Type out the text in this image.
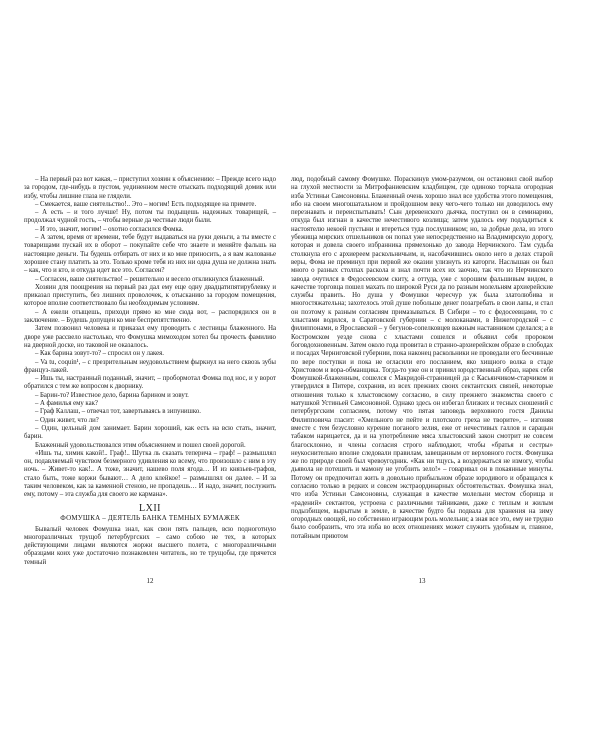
– На первый раз вот какая, – приступил хозяин к объяснению: – Прежде всего надо за городом, где-нибудь в пустом, уединенном месте отыскать подходящий домик или избу, чтобы лишние глаза не глядели.

– Смекается, ваше сиятельство!.. Это – могим! Есть подходящее на примете.

– А есть – и того лучше! Ну, потом ты подыщешь надежных товарищей, – продолжал чудной гость, – чтобы верные да честные люди были.

– И это, значит, могим! – охотно согласился Фомка.

– А затем, время от времени, тебе будут выдаваться на руки деньги, а ты вместе с товарищами пускай их в оборот – покупайте себе что знаете и меняйте фальшь на настоящие деньги. Ты будешь отбирать от них и ко мне приносить, а я вам жалованье хорошее стану платить за это. Только кроме тебя из них ни одна душа не должна знать – как, что и кто, и откуда идет все это. Согласен?

– Согласен, ваше сиятельство! – решительно и весело откликнулся блаженный.

Хозяин для поощрения на первый раз дал ему еще одну двадцатипятирублевку и приказал приступить, без лишних проволочек, к отысканию за городом помещения, которое вполне соответствовало бы необходимым условиям.

– А ежели отыщешь, приходи прямо ко мне сюда вот, – распорядился он в заключение. – Будешь допущен ко мне беспрепятственно.

Затем позвонил человека и приказал ему проводить с лестницы блаженного. На дворе уже рассвело настолько, что Фомушка мимоходом хотел бы прочесть фамилию на дверной доске, но таковой не оказалось.

– Как барина зовут-то? – спросил он у лакея.

– Va tu, coquin¹, – с презрительным неудовольствием фыркнул на него сквозь зубы француз-лакей.

– Ишь ты, настранный поданный, значит, – пробормотал Фомка под нос, и у ворот обратился с тем же вопросом к дворнику.

– Барин-то? Известное дело, барина барином и зовут.

– А фамилья ему как?

– Граф Каллаш, – отвечал тот, завертываясь в зипунишко.

– Один живет, что ли?

– Один, цельный дом занимает. Барин хороший, как есть на всю стать, значит, барин.

Блаженный удовольствовался этим объяснением и пошел своей дорогой.

«Ишь ты, химик какой!.. Граф!.. Шутка ль сказать теперича – граф! – размышлял он, подавляемый чувством безмерного удивления ко всему, что произошло с ним в эту ночь. – Живет-то как!.. А тоже, значит, нашево поля ягода… И из князьев-графов, стало быть, тоже коржи бывают… А дело клейкое! – размышлял он далее. – И за таким человеком, как за каменной стеною, не пропадешь… И надо, значит, послужить ему, потому – эта служба для своего же кармана».

LXII
ФОМУШКА – ДЕЯТЕЛЬ БАНКА ТЕМНЫХ БУМАЖЕК

Бывалый человек Фомушка знал, как свои пять пальцев, всю подноготную многоразличных трущоб петербургских – само собою не тех, в которых действующими лицами являются жоржи высшего полета, с многоразличными образцами коих уже достаточно познакомлен читатель, но те трущобы, где прячется темный

12

люд, подобный самому Фомушке. Пораскинув умом-разумом, он остановил свой выбор на глухой местности за Митрофаниевским кладбищем, где одиноко торчала огородная изба Устиньи Самсоновны. Блаженный очень хорошо знал все удобства этого помещения, ибо на своем многошатальном и пройдошном веку чего-чего только ни доводилось ему перезнавать и переиспытывать! Сын деревенского дьячка, поступил он в семинарию, откуда был изгнан в качестве нечестивого козлища; затем удалось ему подладиться к настоятелю некоей пустыни и втереться туда послушником; но, за добрые дела, из этого убежища мирских отшельников он попал уже непосредственно на Владимирскую дорогу, которая и довела своего избранника прямехонько до завода Нерчинского. Там судьба столкнула его с архиереем раскольничьим, и, насобачившись около него в делах старой веры, Фома не преминул при первой же оказии улизнуть из каторги. Наслышан он был много о разных столпах раскола и знал почти всех их заочно, так что из Нерчинского завода очутился в Федосеевском скиту, а оттуда, уже с хорошим фальшивым видом, в качестве торговца пошел махать по широкой Руси да по разным молельням архиерейские службы править. Но душа у Фомушки чересчур уж была златолюбива и многостяжательна; захотелось этой душе побольше денег позагребать в свои лапы, и стал он поэтому к разным согласиям примазываться. В Сибири – то с федосеевцами, то с хлыстами водился, в Саратовской губернии – с молоканами, в Нижегородской – с филиппонами, в Ярославской – у бегунов-сопелковцев важным наставником сделался; а в Костромском уезде снова с хлыстами сошелся и объявил себя пророком боговдохновенным. Затем около года провитал в странно-архиерейском образе в слободах и посадах Черниговской губернии, пока наконец раскольники не проведали его бесчинные по вере поступки и пока не огласили его посланием, яко хищного волка в стаде Христовом и вора-обманщика. Тогда-то уже он и принял юродственный образ, нарек себя Фомушкой-блаженным, сошелся с Макридой-странницей да с Касьянчиком-старчиком и утвердился в Питере, сохранив, из всех прежних своих сектантских связей, некоторые отношения только к хлыстовскому согласию, в силу прежнего знакомства своего с матушкой Устиньей Самсоновной. Однако здесь он избегал близких и тесных сношений с петербургским согласием, потому что пятая заповедь верховного гостя Данилы Филипповича гласит: «Хмельного не пейте и плотского греха не творите», – изгоняя вместе с тем безусловно курение поганого зелия, еже от нечестивых галлов и сарацын табаком нарицается, да и на употребление мяса хлыстовский закон смотрит не совсем благосклонно, и члены согласия строго наблюдают, чтобы «братья и сестры» неукоснительно вполне следовали правилам, завещанным от верховного гостя. Фомушка же по природе своей был чревоугодник. «Как ни тщусь, а воздержаться не измогу, чтобы дьявола не потешить и мамону не угобзить зело!» – говаривал он в покаянные минуты. Потому он предпочитал жить в довольно прибыльном образе юродивого и обращался к согласию только в редких и совсем экстраординарных обстоятельствах. Фомушка знал, что изба Устиньи Самсоновны, служащая в качестве молельни местом сборища и «радений» сектантов, устроена с различными тайниками, даже с теплым и жилым подызбищем, вырытым в земле, в качестве будто бы подвала для хранения на зиму огородных овощей, но собственно играющим роль молельни; а зная все это, ему не трудно было сообразить, что эта изба во всех отношениях может служить удобным и, главное, потайным приютом

13
